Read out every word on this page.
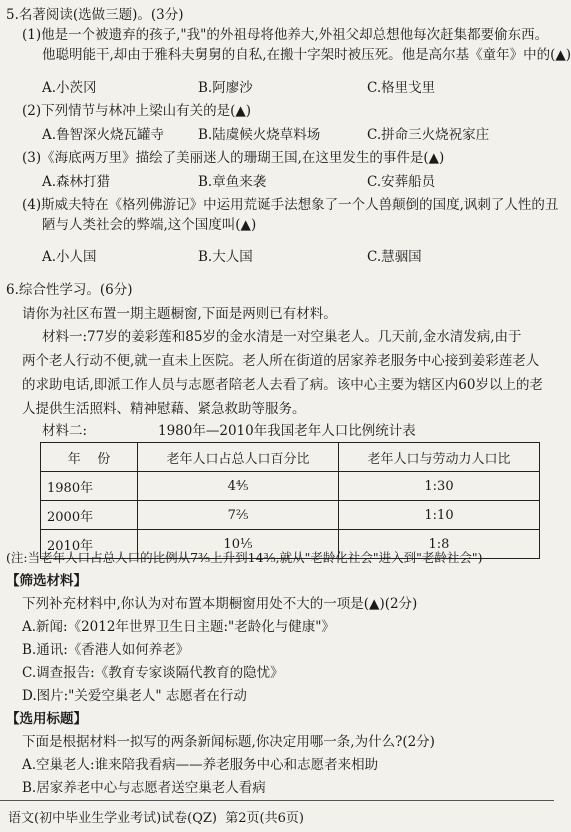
5.名著阅读(选做三题)。(3分)
(1)他是一个被遗弃的孩子,"我"的外祖母将他养大,外祖父却总想他每次赶集都要偷东西。
他聪明能干,却由于雅科夫舅舅的自私,在搬十字架时被压死。他是高尔基《童年》中的(▲)
A.小茨冈	B.阿廖沙	C.格里戈里
(2)下列情节与林冲上梁山有关的是(▲)
A.鲁智深火烧瓦罐寺	B.陆虞候火烧草料场	C.拼命三火烧祝家庄
(3)《海底两万里》描绘了美丽迷人的珊瑚王国,在这里发生的事件是(▲)
A.森林打猎	B.章鱼来袭	C.安葬船员
(4)斯威夫特在《格列佛游记》中运用荒诞手法想象了一个人兽颠倒的国度,讽刺了人性的丑
陋与人类社会的弊端,这个国度叫(▲)
A.小人国	B.大人国	C.慧骃国
6.综合性学习。(6分)
请你为社区布置一期主题橱窗,下面是两则已有材料。
材料一:77岁的姜彩莲和85岁的金水清是一对空巢老人。几天前,金水清发病,由于
两个老人行动不便,就一直未上医院。老人所在街道的居家养老服务中心接到姜彩莲老人
的求助电话,即派工作人员与志愿者陪老人去看了病。该中心主要为辖区内60岁以上的老
人提供生活照料、精神慰藉、紧急救助等服务。
材料二:	1980年—2010年我国老年人口比例统计表
年 份	老年人口占总人口百分比	老年人口与劳动力人口比
1980年	4⅘	1:30
2000年	7⅖	1:10
2010年	10⅕	1:8
(注:当老年人口占总人口的比例从7⅗上升到14⅗,就从"老龄化社会"进入到"老龄社会")
【筛选材料】
下列补充材料中,你认为对布置本期橱窗用处不大的一项是(▲)(2分)
A.新闻:《2012年世界卫生日主题:"老龄化与健康"》
B.通讯:《香港人如何养老》
C.调查报告:《教育专家谈隔代教育的隐忧》
D.图片:"关爱空巢老人" 志愿者在行动
【选用标题】
下面是根据材料一拟写的两条新闻标题,你决定用哪一条,为什么?(2分)
A.空巢老人:谁来陪我看病——养老服务中心和志愿者来相助
B.居家养老中心与志愿者送空巢老人看病
语文(初中毕业生学业考试)试卷(QZ) 第2页(共6页)
